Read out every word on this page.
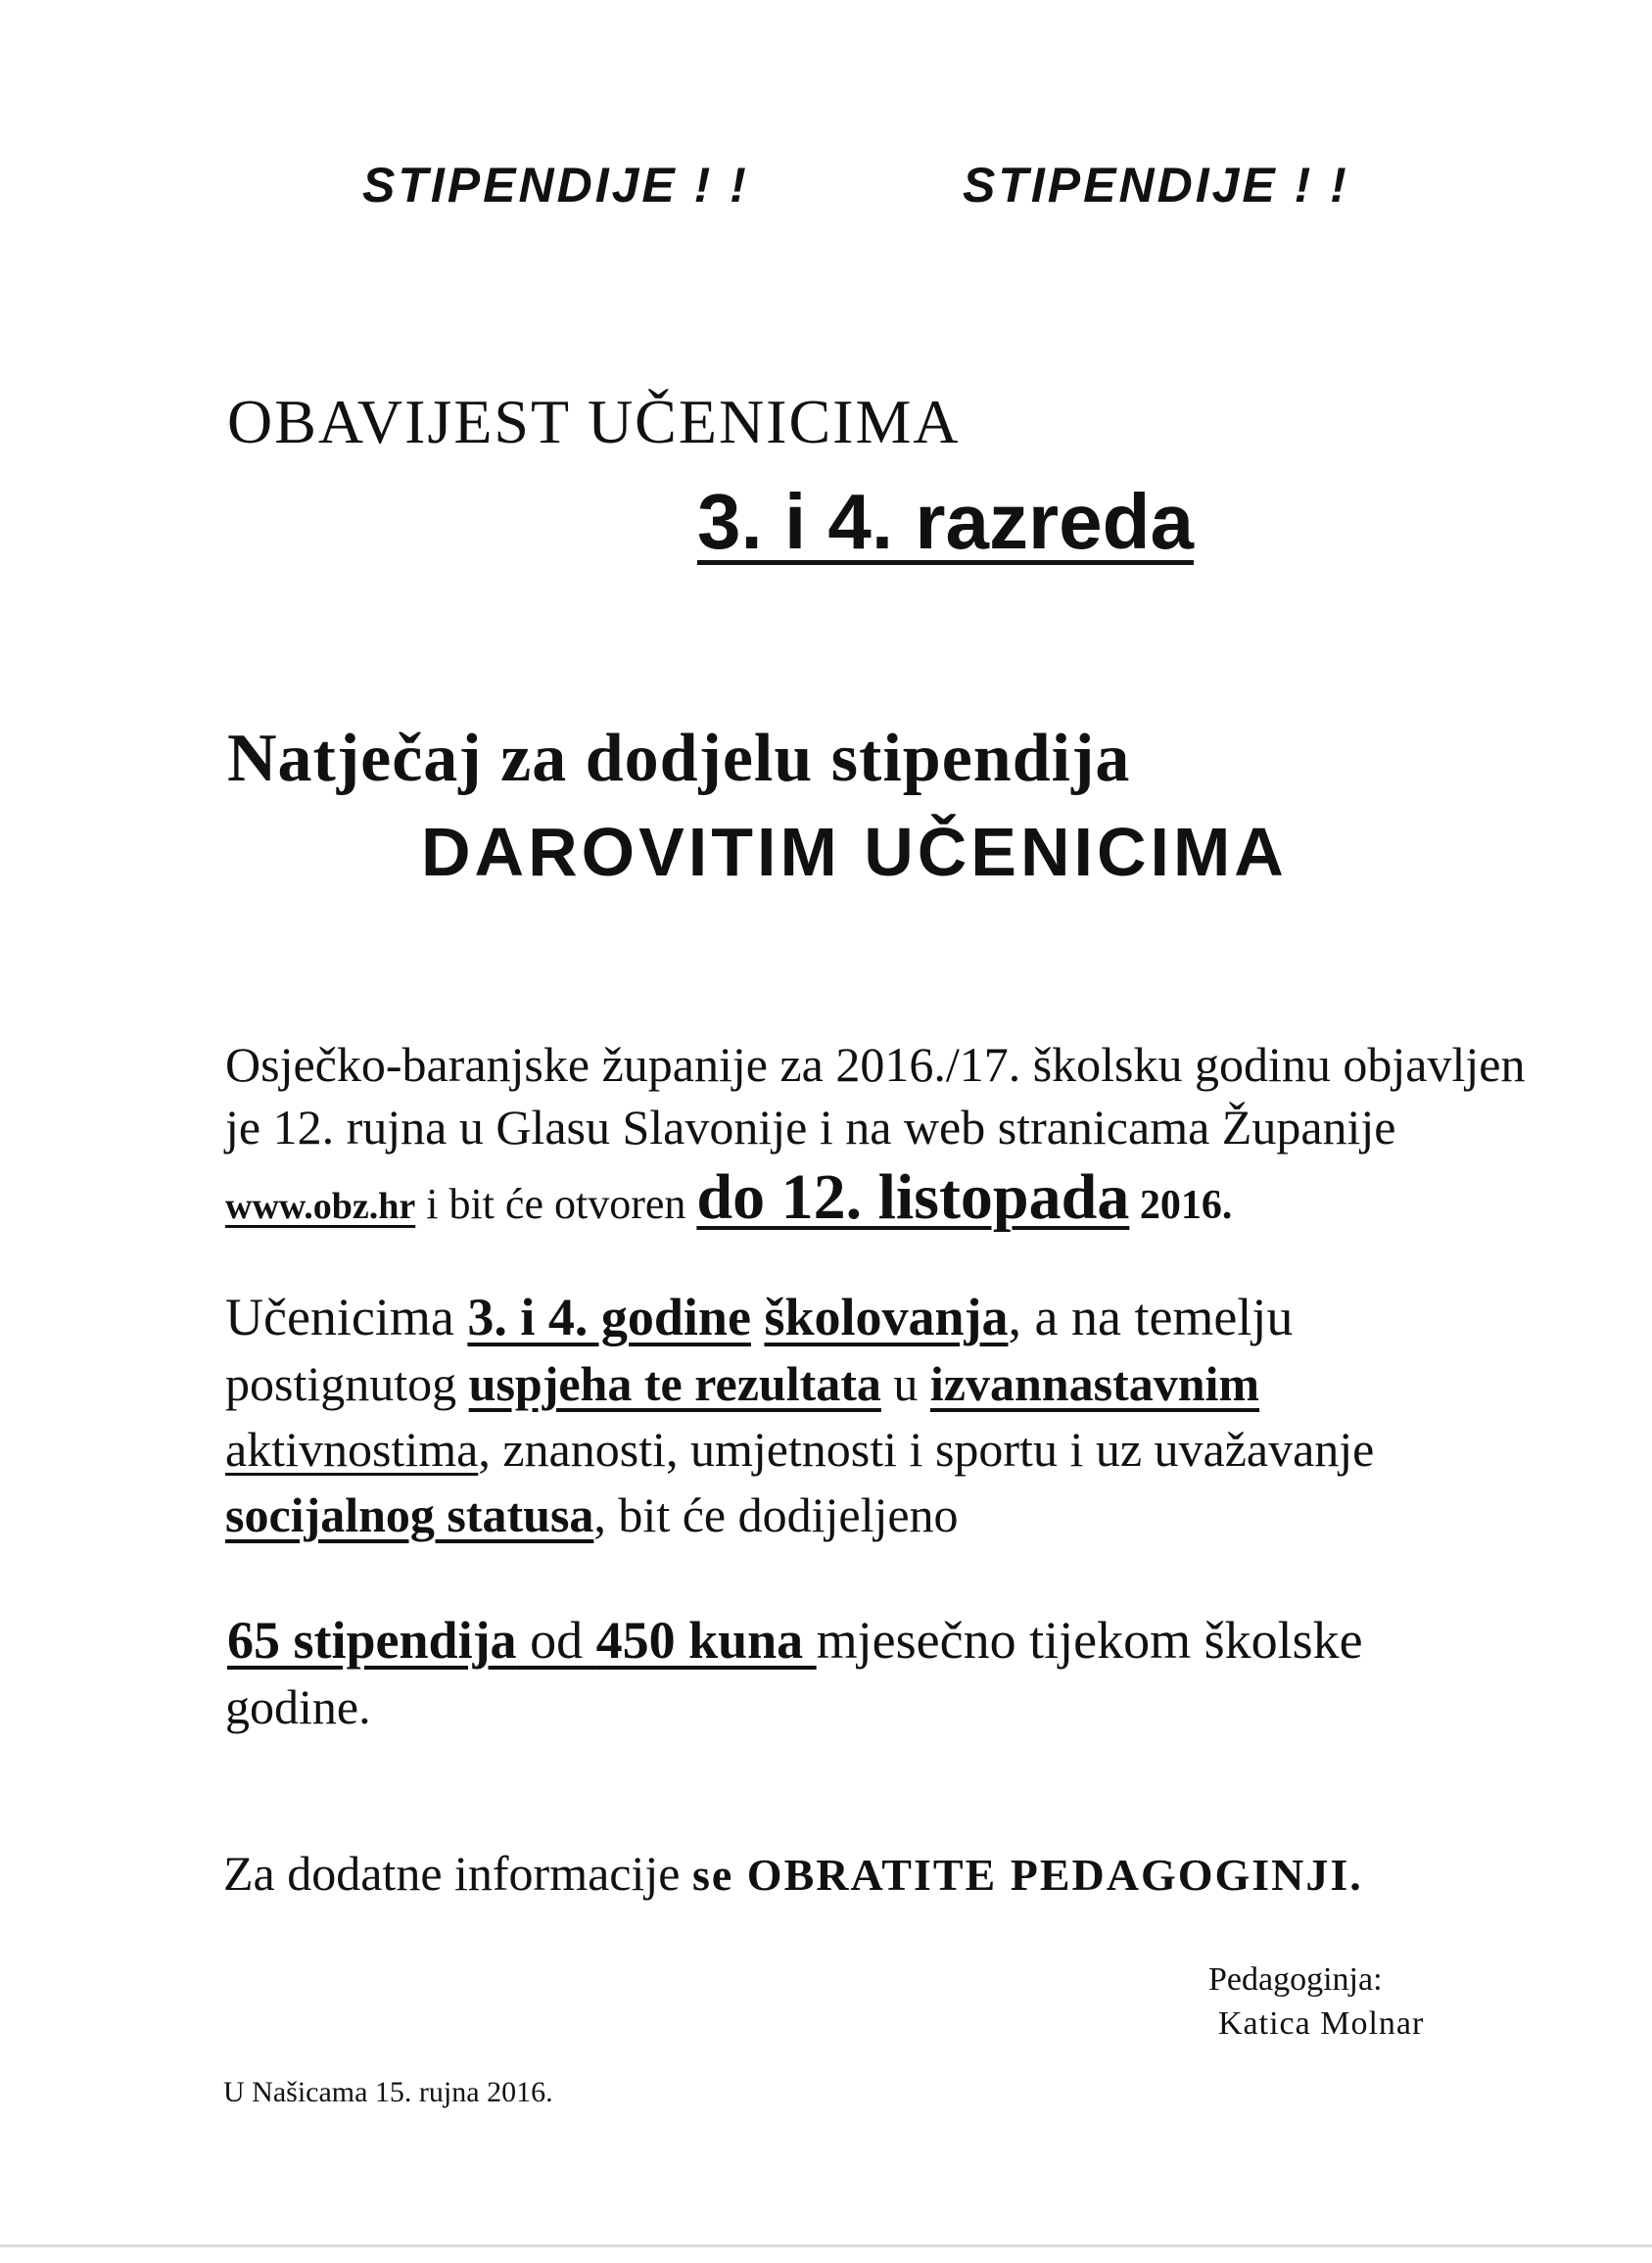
STIPENDIJE ! !	STIPENDIJE ! !
OBAVIJEST UČENICIMA
3. i 4. razreda
Natječaj za dodjelu stipendija
DAROVITIM UČENICIMA
Osječko-baranjske županije za 2016./17. školsku godinu objavljen
je 12. rujna u Glasu Slavonije i na web stranicama Županije
www.obz.hr i bit će otvoren do 12. listopada 2016.
Učenicima 3. i 4. godine školovanja, a na temelju
postignutog uspjeha te rezultata u izvannastavnim
aktivnostima, znanosti, umjetnosti i sportu i uz uvažavanje
socijalnog statusa, bit će dodijeljeno
65 stipendija od 450 kuna mjesečno tijekom školske
godine.
Za dodatne informacije se OBRATITE PEDAGOGINJI.
Pedagoginja:
Katica Molnar
U Našicama 15. rujna 2016.
